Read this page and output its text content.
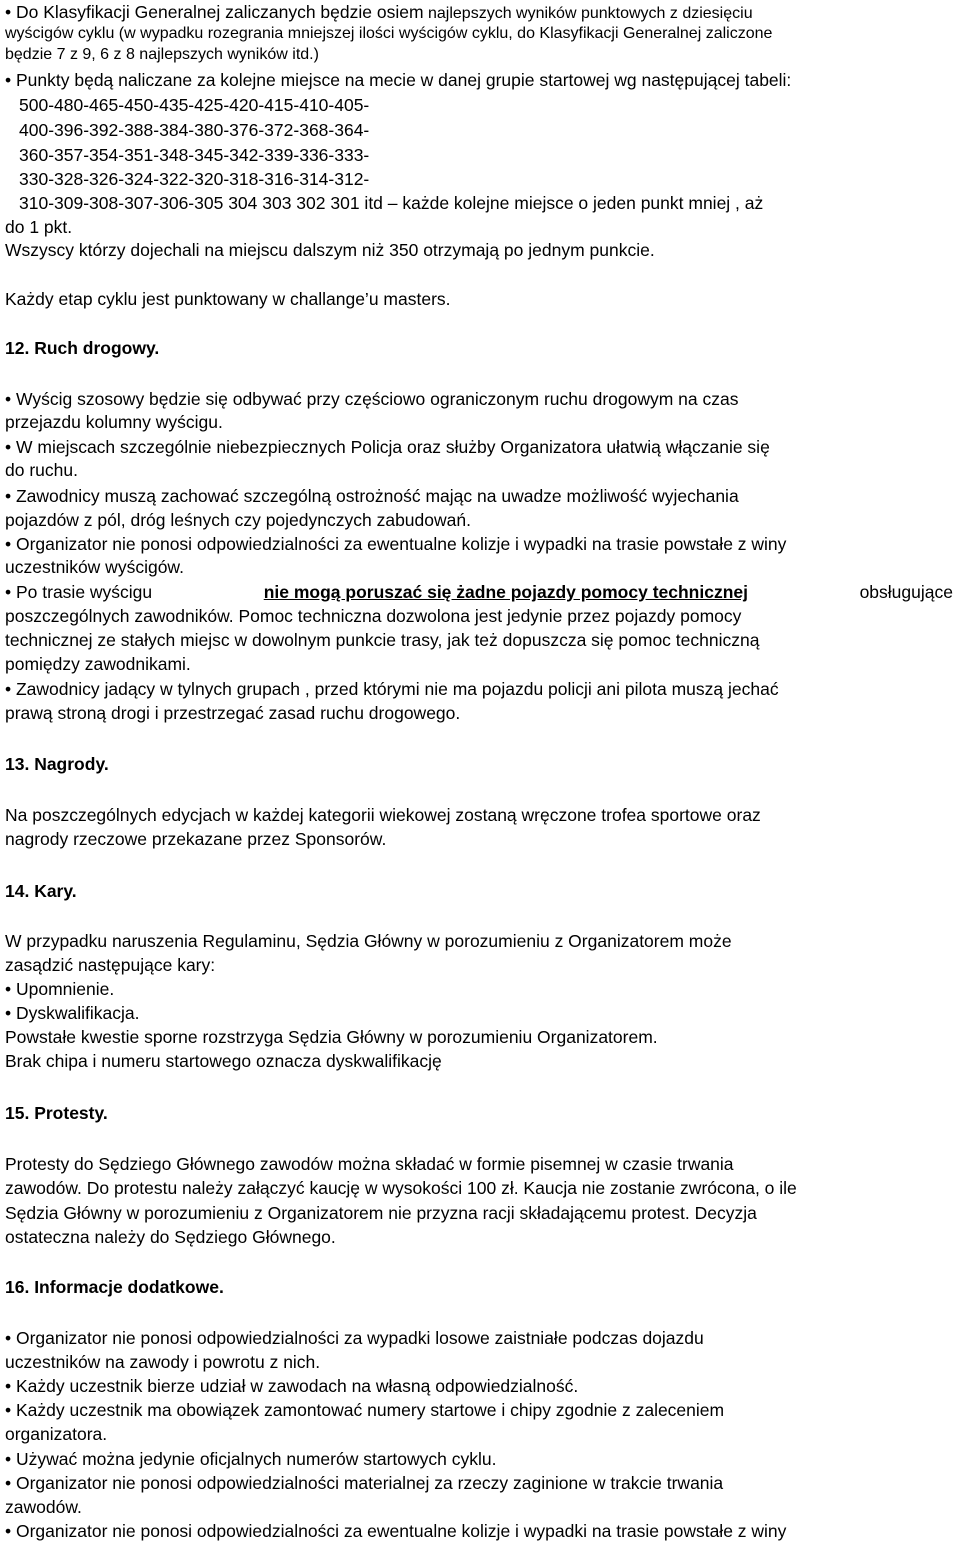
• Do Klasyfikacji Generalnej zaliczanych będzie osiem najlepszych wyników punktowych z dziesięciu
wyścigów cyklu (w wypadku rozegrania mniejszej ilości wyścigów cyklu, do Klasyfikacji Generalnej zaliczone
będzie 7 z 9, 6 z 8 najlepszych wyników itd.)
• Punkty będą naliczane za kolejne miejsce na mecie w danej grupie startowej wg następującej tabeli:
500-480-465-450-435-425-420-415-410-405-
400-396-392-388-384-380-376-372-368-364-
360-357-354-351-348-345-342-339-336-333-
330-328-326-324-322-320-318-316-314-312-
310-309-308-307-306-305 304 303 302 301 itd – każde kolejne miejsce o jeden punkt mniej , aż
do 1 pkt.
Wszyscy którzy dojechali na miejscu dalszym niż 350 otrzymają po jednym punkcie.
Każdy etap cyklu jest punktowany w challange’u masters.
12. Ruch drogowy.
• Wyścig szosowy będzie się odbywać przy częściowo ograniczonym ruchu drogowym na czas
przejazdu kolumny wyścigu.
• W miejscach szczególnie niebezpiecznych Policja oraz służby Organizatora ułatwią włączanie się
do ruchu.
• Zawodnicy muszą zachować szczególną ostrożność mając na uwadze możliwość wyjechania
pojazdów z pól, dróg leśnych czy pojedynczych zabudowań.
• Organizator nie ponosi odpowiedzialności za ewentualne kolizje i wypadki na trasie powstałe z winy
uczestników wyścigów.
• Po trasie wyścigu	nie mogą poruszać się żadne pojazdy pomocy technicznej	obsługujące
poszczególnych zawodników. Pomoc techniczna dozwolona jest jedynie przez pojazdy pomocy
technicznej ze stałych miejsc w dowolnym punkcie trasy, jak też dopuszcza się pomoc techniczną
pomiędzy zawodnikami.
• Zawodnicy jadący w tylnych grupach , przed którymi nie ma pojazdu policji ani pilota muszą jechać
prawą stroną drogi i przestrzegać zasad ruchu drogowego.
13. Nagrody.
Na poszczególnych edycjach w każdej kategorii wiekowej zostaną wręczone trofea sportowe oraz
nagrody rzeczowe przekazane przez Sponsorów.
14. Kary.
W przypadku naruszenia Regulaminu, Sędzia Główny w porozumieniu z Organizatorem może
zasądzić następujące kary:
• Upomnienie.
• Dyskwalifikacja.
Powstałe kwestie sporne rozstrzyga Sędzia Główny w porozumieniu Organizatorem.
Brak chipa i numeru startowego oznacza dyskwalifikację
15. Protesty.
Protesty do Sędziego Głównego zawodów można składać w formie pisemnej w czasie trwania
zawodów. Do protestu należy załączyć kaucję w wysokości 100 zł. Kaucja nie zostanie zwrócona, o ile
Sędzia Główny w porozumieniu z Organizatorem nie przyzna racji składającemu protest. Decyzja
ostateczna należy do Sędziego Głównego.
16. Informacje dodatkowe.
• Organizator nie ponosi odpowiedzialności za wypadki losowe zaistniałe podczas dojazdu
uczestników na zawody i powrotu z nich.
• Każdy uczestnik bierze udział w zawodach na własną odpowiedzialność.
• Każdy uczestnik ma obowiązek zamontować numery startowe i chipy zgodnie z zaleceniem
organizatora.
• Używać można jedynie oficjalnych numerów startowych cyklu.
• Organizator nie ponosi odpowiedzialności materialnej za rzeczy zaginione w trakcie trwania
zawodów.
• Organizator nie ponosi odpowiedzialności za ewentualne kolizje i wypadki na trasie powstałe z winy
